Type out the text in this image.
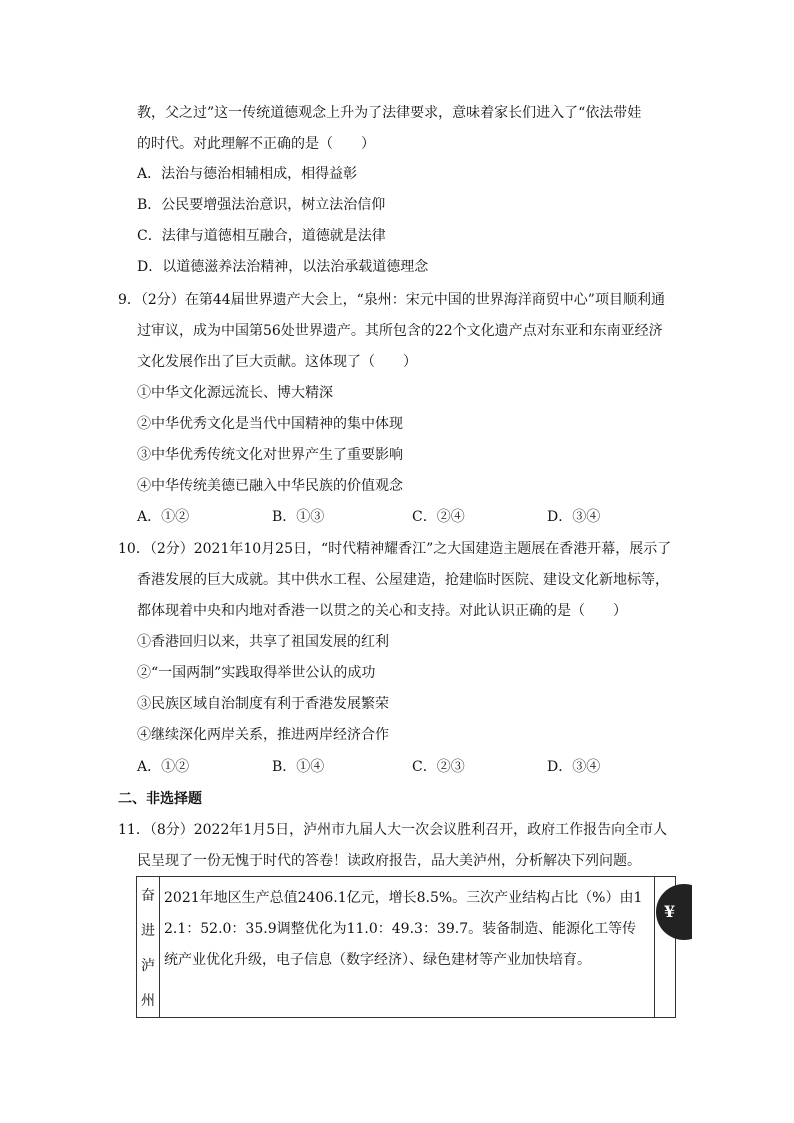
教，父之过”这一传统道德观念上升为了法律要求，意味着家长们进入了“依法带娃
的时代。对此理解不正确的是（　　）
A．法治与德治相辅相成，相得益彰
B．公民要增强法治意识，树立法治信仰
C．法律与道德相互融合，道德就是法律
D．以道德滋养法治精神，以法治承载道德理念
9．（2分）在第44届世界遗产大会上，“泉州：宋元中国的世界海洋商贸中心”项目顺利通
过审议，成为中国第56处世界遗产。其所包含的22个文化遗产点对东亚和东南亚经济
文化发展作出了巨大贡献。这体现了（　　）
①中华文化源远流长、博大精深
②中华优秀文化是当代中国精神的集中体现
③中华优秀传统文化对世界产生了重要影响
④中华传统美德已融入中华民族的价值观念
A．①②	B．①③	C．②④	D．③④
10．（2分）2021年10月25日，“时代精神耀香江”之大国建造主题展在香港开幕，展示了
香港发展的巨大成就。其中供水工程、公屋建造，抢建临时医院、建设文化新地标等，
都体现着中央和内地对香港一以贯之的关心和支持。对此认识正确的是（　　）
①香港回归以来，共享了祖国发展的红利
②“一国两制”实践取得举世公认的成功
③民族区域自治制度有利于香港发展繁荣
④继续深化两岸关系，推进两岸经济合作
A．①②	B．①④	C．②③	D．③④
二、非选择题
11．（8分）2022年1月5日，泸州市九届人大一次会议胜利召开，政府工作报告向全市人
民呈现了一份无愧于时代的答卷！读政府报告，品大美泸州，分析解决下列问题。
奋
进
泸
州
	2021年地区生产总值2406.1亿元，增长8.5%。三次产业结构占比（%）由12.1：52.0：35.9调整优化为11.0：49.3：39.7。装备制造、能源化工等传统产业优化升级，电子信息（数字经济）、绿色建材等产业加快培育。	
¥
